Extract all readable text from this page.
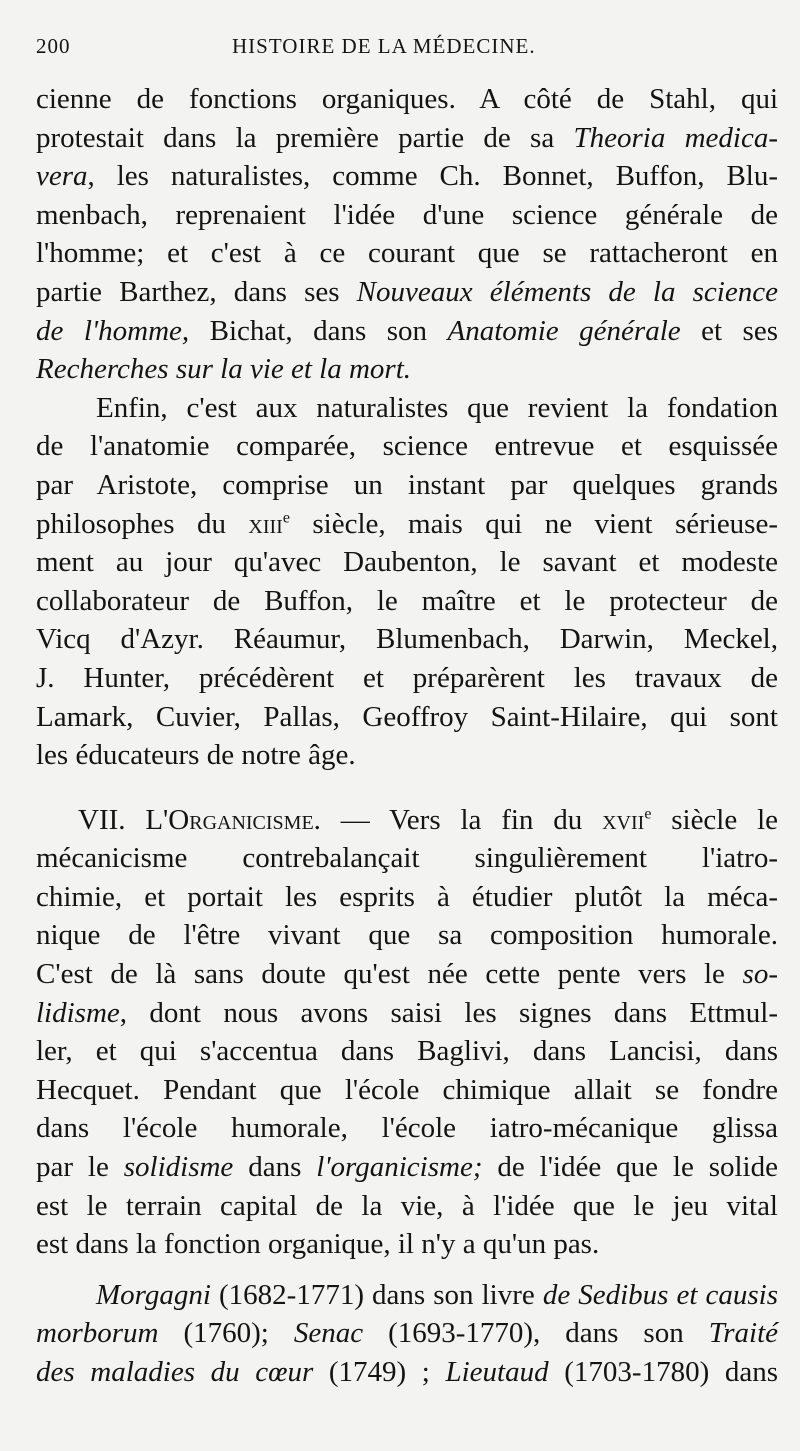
200	HISTOIRE DE LA MÉDECINE.
cienne de fonctions organiques. A côté de Stahl, qui
protestait dans la première partie de sa Theoria medica-
vera, les naturalistes, comme Ch. Bonnet, Buffon, Blu-
menbach, reprenaient l'idée d'une science générale de
l'homme; et c'est à ce courant que se rattacheront en
partie Barthez, dans ses Nouveaux éléments de la science
de l'homme, Bichat, dans son Anatomie générale et ses
Recherches sur la vie et la mort.
Enfin, c'est aux naturalistes que revient la fondation
de l'anatomie comparée, science entrevue et esquissée
par Aristote, comprise un instant par quelques grands
philosophes du xiii$^e$ siècle, mais qui ne vient sérieuse-
ment au jour qu'avec Daubenton, le savant et modeste
collaborateur de Buffon, le maître et le protecteur de
Vicq d'Azyr. Réaumur, Blumenbach, Darwin, Meckel,
J. Hunter, précédèrent et préparèrent les travaux de
Lamark, Cuvier, Pallas, Geoffroy Saint-Hilaire, qui sont
les éducateurs de notre âge.
VII. L'Organicisme. — Vers la fin du xvii$^e$ siècle le
mécanicisme contrebalançait singulièrement l'iatro-
chimie, et portait les esprits à étudier plutôt la méca-
nique de l'être vivant que sa composition humorale.
C'est de là sans doute qu'est née cette pente vers le so-
lidisme, dont nous avons saisi les signes dans Ettmul-
ler, et qui s'accentua dans Baglivi, dans Lancisi, dans
Hecquet. Pendant que l'école chimique allait se fondre
dans l'école humorale, l'école iatro-mécanique glissa
par le solidisme dans l'organicisme; de l'idée que le solide
est le terrain capital de la vie, à l'idée que le jeu vital
est dans la fonction organique, il n'y a qu'un pas.
Morgagni (1682-1771) dans son livre de Sedibus et causis
morborum (1760); Senac (1693-1770), dans son Traité
des maladies du cœur (1749) ; Lieutaud (1703-1780) dans
